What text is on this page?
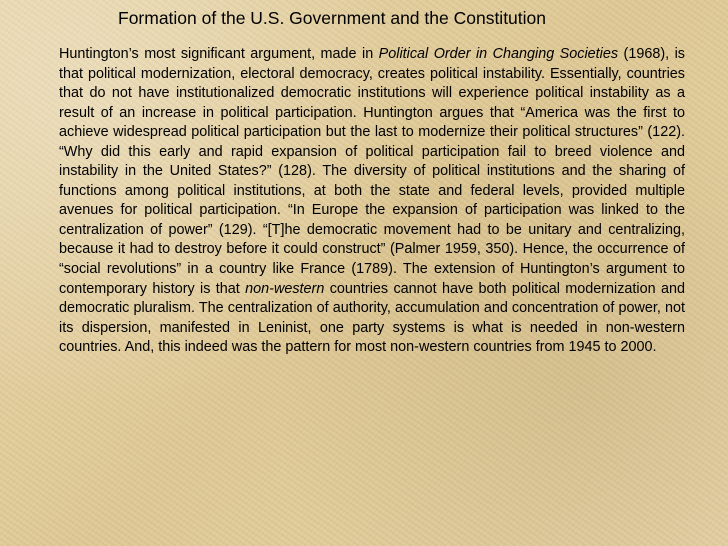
Formation of the U.S. Government and the Constitution
Huntington’s most significant argument, made in Political Order in Changing Societies (1968), is that political modernization, electoral democracy, creates political instability. Essentially, countries that do not have institutionalized democratic institutions will experience political instability as a result of an increase in political participation. Huntington argues that “America was the first to achieve widespread political participation but the last to modernize their political structures” (122). “Why did this early and rapid expansion of political participation fail to breed violence and instability in the United States?” (128). The diversity of political institutions and the sharing of functions among political institutions, at both the state and federal levels, provided multiple avenues for political participation. “In Europe the expansion of participation was linked to the centralization of power” (129). “[T]he democratic movement had to be unitary and centralizing, because it had to destroy before it could construct” (Palmer 1959, 350). Hence, the occurrence of “social revolutions” in a country like France (1789). The extension of Huntington’s argument to contemporary history is that non-western countries cannot have both political modernization and democratic pluralism. The centralization of authority, accumulation and concentration of power, not its dispersion, manifested in Leninist, one party systems is what is needed in non-western countries. And, this indeed was the pattern for most non-western countries from 1945 to 2000.
